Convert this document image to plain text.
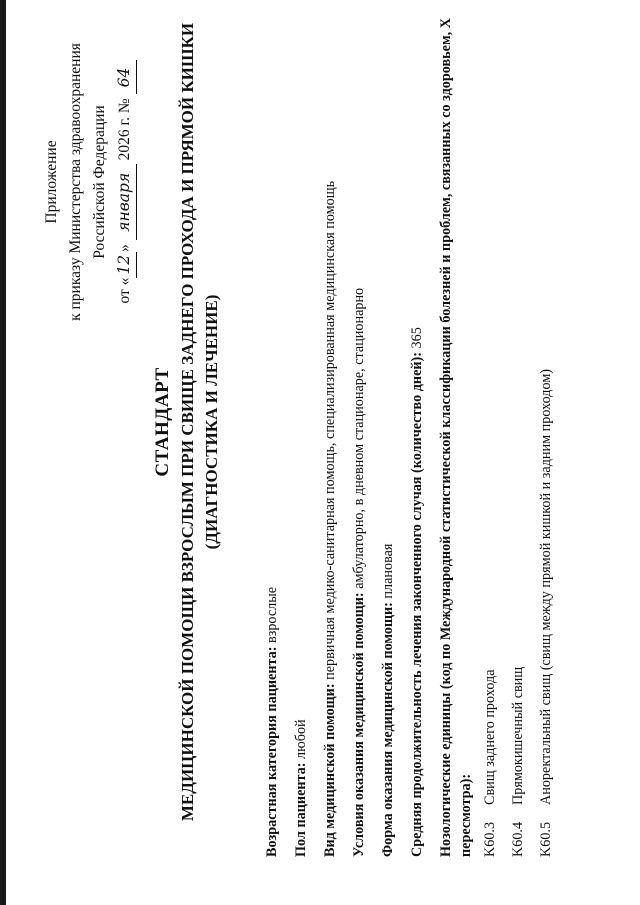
Приложение к приказу Министерства здравоохранения Российской Федерации
от «12» января 2026 г. № 64
СТАНДАРТ МЕДИЦИНСКОЙ ПОМОЩИ ВЗРОСЛЫМ ПРИ СВИЩЕ ЗАДНЕГО ПРОХОДА И ПРЯМОЙ КИШКИ (ДИАГНОСТИКА И ЛЕЧЕНИЕ)
Возрастная категория пациента: взрослые
Пол пациента: любой Вид медицинской помощи: первичная медико-санитарная помощь, специализированная медицинская помощь
Условия оказания медицинской помощи: амбулаторно, в дневном стационаре, стационарно
Форма оказания медицинской помощи: плановая Средняя продолжительность лечения законченного случая (количество дней): 365 Нозологические единицы (код по Международной статистической классификации болезней и проблем, связанных со здоровьем, X пересмотра): K60.3
Свищ заднего прохода
K60.4
Прямокишечный свищ
K60.5
Аноректальный свищ (свищ между прямой кишкой и задним проходом)
